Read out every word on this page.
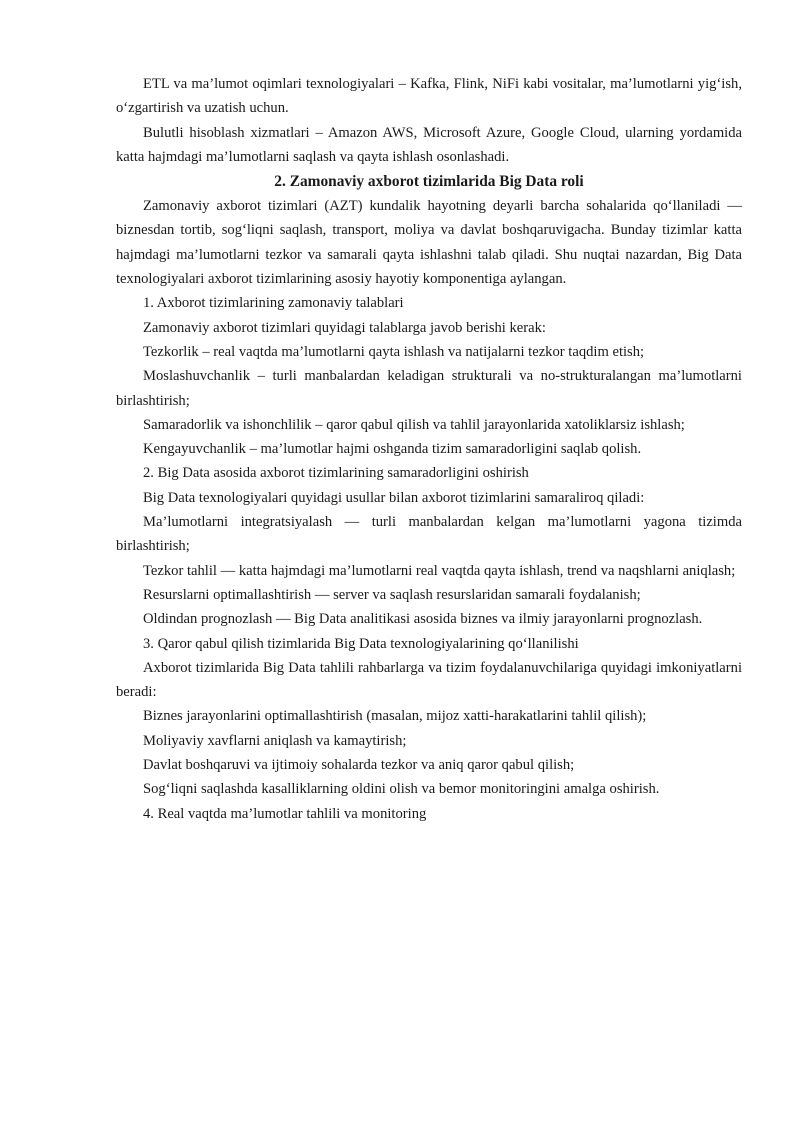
ETL va ma’lumot oqimlari texnologiyalari – Kafka, Flink, NiFi kabi vositalar, ma’lumotlarni yig‘ish, o‘zgartirish va uzatish uchun.

Bulutli hisoblash xizmatlari – Amazon AWS, Microsoft Azure, Google Cloud, ularning yordamida katta hajmdagi ma’lumotlarni saqlash va qayta ishlash osonlashadi.

2. Zamonaviy axborot tizimlarida Big Data roli

Zamonaviy axborot tizimlari (AZT) kundalik hayotning deyarli barcha sohalarida qo‘llaniladi — biznesdan tortib, sog‘liqni saqlash, transport, moliya va davlat boshqaruvigacha. Bunday tizimlar katta hajmdagi ma’lumotlarni tezkor va samarali qayta ishlashni talab qiladi. Shu nuqtai nazardan, Big Data texnologiyalari axborot tizimlarining asosiy hayotiy komponentiga aylangan.

1. Axborot tizimlarining zamonaviy talablari

Zamonaviy axborot tizimlari quyidagi talablarga javob berishi kerak:

Tezkorlik – real vaqtda ma’lumotlarni qayta ishlash va natijalarni tezkor taqdim etish;

Moslashuvchanlik – turli manbalardan keladigan strukturali va no-strukturalangan ma’lumotlarni birlashtirish;

Samaradorlik va ishonchlilik – qaror qabul qilish va tahlil jarayonlarida xatoliklarsiz ishlash;

Kengayuvchanlik – ma’lumotlar hajmi oshganda tizim samaradorligini saqlab qolish.

2. Big Data asosida axborot tizimlarining samaradorligini oshirish

Big Data texnologiyalari quyidagi usullar bilan axborot tizimlarini samaraliroq qiladi:

Ma’lumotlarni integratsiyalash — turli manbalardan kelgan ma’lumotlarni yagona tizimda birlashtirish;

Tezkor tahlil — katta hajmdagi ma’lumotlarni real vaqtda qayta ishlash, trend va naqshlarni aniqlash;

Resurslarni optimallashtirish — server va saqlash resurslaridan samarali foydalanish;

Oldindan prognozlash — Big Data analitikasi asosida biznes va ilmiy jarayonlarni prognozlash.

3. Qaror qabul qilish tizimlarida Big Data texnologiyalarining qo‘llanilishi

Axborot tizimlarida Big Data tahlili rahbarlarga va tizim foydalanuvchilariga quyidagi imkoniyatlarni beradi:

Biznes jarayonlarini optimallashtirish (masalan, mijoz xatti-harakatlarini tahlil qilish);

Moliyaviy xavflarni aniqlash va kamaytirish;

Davlat boshqaruvi va ijtimoiy sohalarda tezkor va aniq qaror qabul qilish;

Sog‘liqni saqlashda kasalliklarning oldini olish va bemor monitoringini amalga oshirish.

4. Real vaqtda ma’lumotlar tahlili va monitoring
